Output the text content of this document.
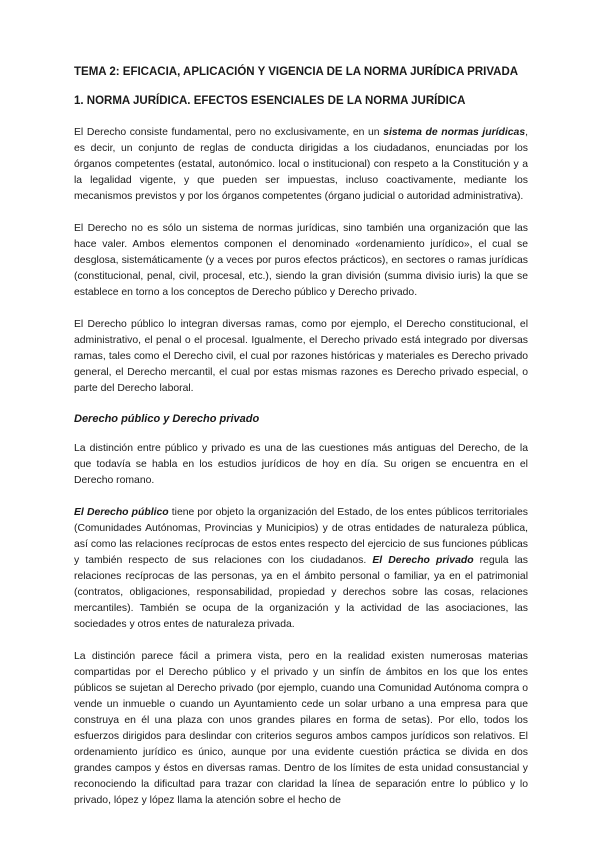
TEMA 2: EFICACIA, APLICACIÓN Y VIGENCIA DE LA NORMA JURÍDICA PRIVADA
1. NORMA JURÍDICA. EFECTOS ESENCIALES DE LA NORMA JURÍDICA

El Derecho consiste fundamental, pero no exclusivamente, en un sistema de normas jurídicas, es decir, un conjunto de reglas de conducta dirigidas a los ciudadanos, enunciadas por los órganos competentes (estatal, autonómico. local o institucional) con respeto a la Constitución y a la legalidad vigente, y que pueden ser impuestas, incluso coactivamente, mediante los mecanismos previstos y por los órganos competentes (órgano judicial o autoridad administrativa).

El Derecho no es sólo un sistema de normas jurídicas, sino también una organización que las hace valer. Ambos elementos componen el denominado «ordenamiento jurídico», el cual se desglosa, sistemáticamente (y a veces por puros efectos prácticos), en sectores o ramas jurídicas (constitucional, penal, civil, procesal, etc.), siendo la gran división (summa divisio iuris) la que se establece en torno a los conceptos de Derecho público y Derecho privado.

El Derecho público lo integran diversas ramas, como por ejemplo, el Derecho constitucional, el administrativo, el penal o el procesal. Igualmente, el Derecho privado está integrado por diversas ramas, tales como el Derecho civil, el cual por razones históricas y materiales es Derecho privado general, el Derecho mercantil, el cual por estas mismas razones es Derecho privado especial, o parte del Derecho laboral.

Derecho público y Derecho privado

La distinción entre público y privado es una de las cuestiones más antiguas del Derecho, de la que todavía se habla en los estudios jurídicos de hoy en día. Su origen se encuentra en el Derecho romano.

El Derecho público tiene por objeto la organización del Estado, de los entes públicos territoriales (Comunidades Autónomas, Provincias y Municipios) y de otras entidades de naturaleza pública, así como las relaciones recíprocas de estos entes respecto del ejercicio de sus funciones públicas y también respecto de sus relaciones con los ciudadanos. El Derecho privado regula las relaciones recíprocas de las personas, ya en el ámbito personal o familiar, ya en el patrimonial (contratos, obligaciones, responsabilidad, propiedad y derechos sobre las cosas, relaciones mercantiles). También se ocupa de la organización y la actividad de las asociaciones, las sociedades y otros entes de naturaleza privada.

La distinción parece fácil a primera vista, pero en la realidad existen numerosas materias compartidas por el Derecho público y el privado y un sinfín de ámbitos en los que los entes públicos se sujetan al Derecho privado (por ejemplo, cuando una Comunidad Autónoma compra o vende un inmueble o cuando un Ayuntamiento cede un solar urbano a una empresa para que construya en él una plaza con unos grandes pilares en forma de setas). Por ello, todos los esfuerzos dirigidos para deslindar con criterios seguros ambos campos jurídicos son relativos. El ordenamiento jurídico es único, aunque por una evidente cuestión práctica se divida en dos grandes campos y éstos en diversas ramas. Dentro de los límites de esta unidad consustancial y reconociendo la dificultad para trazar con claridad la línea de separación entre lo público y lo privado, lópez y lópez llama la atención sobre el hecho de
